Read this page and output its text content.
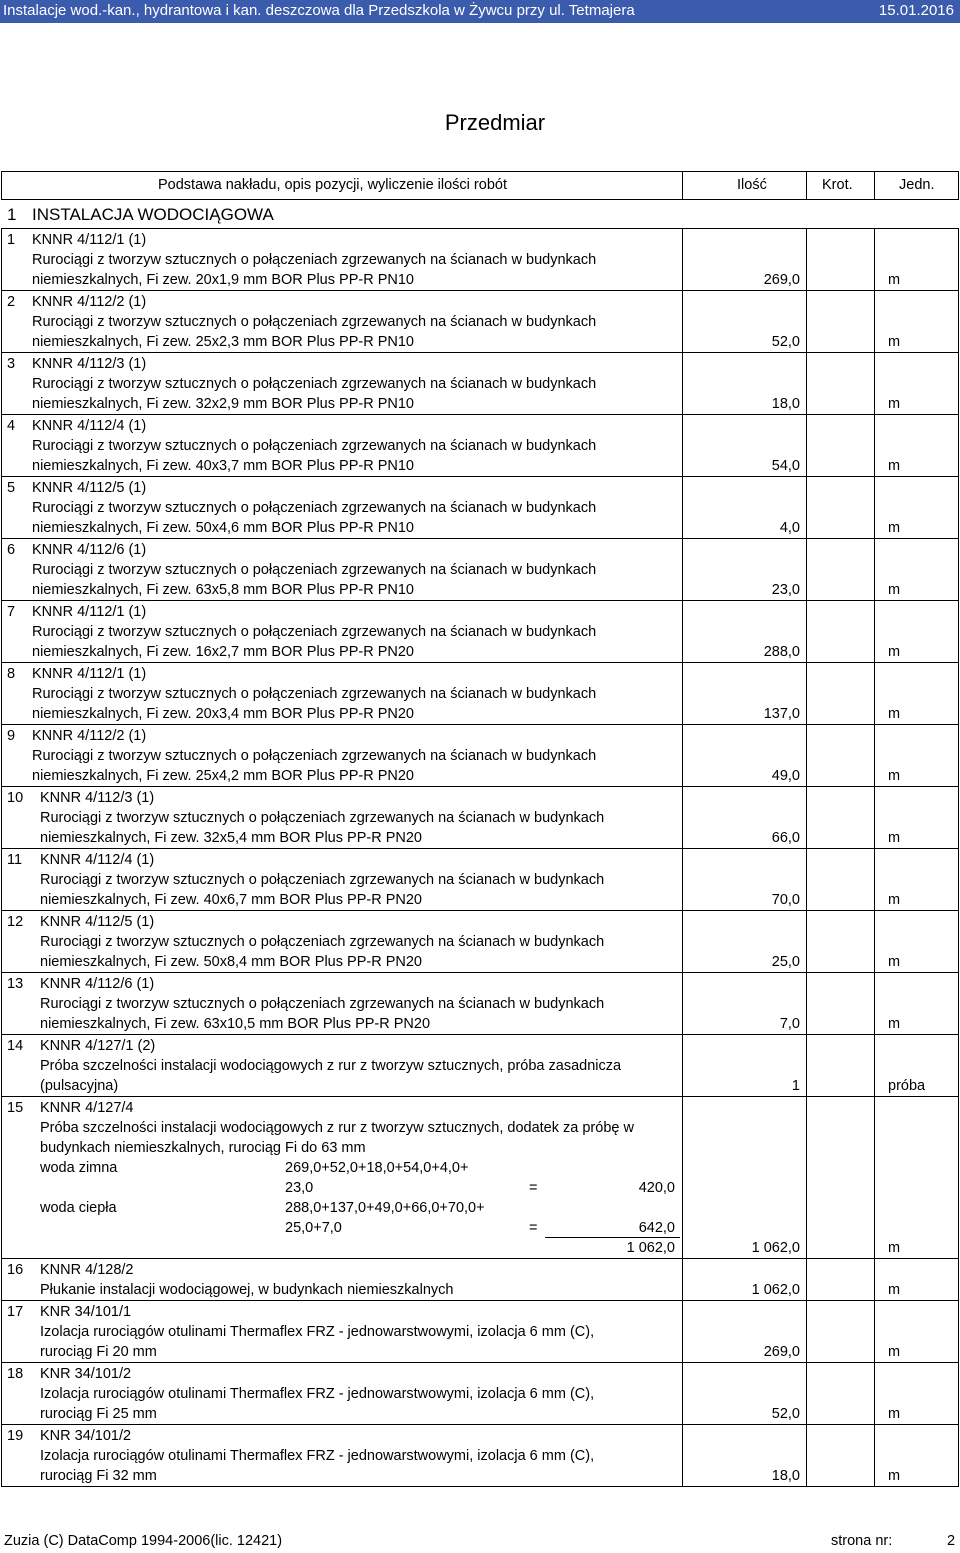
Instalacje wod.-kan., hydrantowa i kan. deszczowa dla Przedszkola w Żywcu przy ul. Tetmajera	15.01.2016
Przedmiar
Podstawa nakładu, opis pozycji, wyliczenie ilości robót	Ilość	Krot.	Jedn.
1 INSTALACJA WODOCIĄGOWA
1 KNNR 4/112/1 (1)
Rurociągi z tworzyw sztucznych o połączeniach zgrzewanych na ścianach w budynkach
niemieszkalnych, Fi zew. 20x1,9 mm BOR Plus PP-R PN10	269,0	m
2 KNNR 4/112/2 (1)
Rurociągi z tworzyw sztucznych o połączeniach zgrzewanych na ścianach w budynkach
niemieszkalnych, Fi zew. 25x2,3 mm BOR Plus PP-R PN10	52,0	m
3 KNNR 4/112/3 (1)
Rurociągi z tworzyw sztucznych o połączeniach zgrzewanych na ścianach w budynkach
niemieszkalnych, Fi zew. 32x2,9 mm BOR Plus PP-R PN10	18,0	m
4 KNNR 4/112/4 (1)
Rurociągi z tworzyw sztucznych o połączeniach zgrzewanych na ścianach w budynkach
niemieszkalnych, Fi zew. 40x3,7 mm BOR Plus PP-R PN10	54,0	m
5 KNNR 4/112/5 (1)
Rurociągi z tworzyw sztucznych o połączeniach zgrzewanych na ścianach w budynkach
niemieszkalnych, Fi zew. 50x4,6 mm BOR Plus PP-R PN10	4,0	m
6 KNNR 4/112/6 (1)
Rurociągi z tworzyw sztucznych o połączeniach zgrzewanych na ścianach w budynkach
niemieszkalnych, Fi zew. 63x5,8 mm BOR Plus PP-R PN10	23,0	m
7 KNNR 4/112/1 (1)
Rurociągi z tworzyw sztucznych o połączeniach zgrzewanych na ścianach w budynkach
niemieszkalnych, Fi zew. 16x2,7 mm BOR Plus PP-R PN20	288,0	m
8 KNNR 4/112/1 (1)
Rurociągi z tworzyw sztucznych o połączeniach zgrzewanych na ścianach w budynkach
niemieszkalnych, Fi zew. 20x3,4 mm BOR Plus PP-R PN20	137,0	m
9 KNNR 4/112/2 (1)
Rurociągi z tworzyw sztucznych o połączeniach zgrzewanych na ścianach w budynkach
niemieszkalnych, Fi zew. 25x4,2 mm BOR Plus PP-R PN20	49,0	m
10 KNNR 4/112/3 (1)
Rurociągi z tworzyw sztucznych o połączeniach zgrzewanych na ścianach w budynkach
niemieszkalnych, Fi zew. 32x5,4 mm BOR Plus PP-R PN20	66,0	m
11 KNNR 4/112/4 (1)
Rurociągi z tworzyw sztucznych o połączeniach zgrzewanych na ścianach w budynkach
niemieszkalnych, Fi zew. 40x6,7 mm BOR Plus PP-R PN20	70,0	m
12 KNNR 4/112/5 (1)
Rurociągi z tworzyw sztucznych o połączeniach zgrzewanych na ścianach w budynkach
niemieszkalnych, Fi zew. 50x8,4 mm BOR Plus PP-R PN20	25,0	m
13 KNNR 4/112/6 (1)
Rurociągi z tworzyw sztucznych o połączeniach zgrzewanych na ścianach w budynkach
niemieszkalnych, Fi zew. 63x10,5 mm BOR Plus PP-R PN20	7,0	m
14 KNNR 4/127/1 (2)
Próba szczelności instalacji wodociągowych z rur z tworzyw sztucznych, próba zasadnicza
(pulsacyjna)	1	próba
15 KNNR 4/127/4
Próba szczelności instalacji wodociągowych z rur z tworzyw sztucznych, dodatek za próbę w
budynkach niemieszkalnych, rurociąg Fi do 63 mm
woda zimna	269,0+52,0+18,0+54,0+4,0+
23,0	=	420,0
woda ciepła	288,0+137,0+49,0+66,0+70,0+
25,0+7,0	=	642,0
1 062,0	1 062,0	m
16 KNNR 4/128/2
Płukanie instalacji wodociągowej, w budynkach niemieszkalnych	1 062,0	m
17 KNR 34/101/1
Izolacja rurociągów otulinami Thermaflex FRZ - jednowarstwowymi, izolacja 6 mm (C),
rurociąg Fi 20 mm	269,0	m
18 KNR 34/101/2
Izolacja rurociągów otulinami Thermaflex FRZ - jednowarstwowymi, izolacja 6 mm (C),
rurociąg Fi 25 mm	52,0	m
19 KNR 34/101/2
Izolacja rurociągów otulinami Thermaflex FRZ - jednowarstwowymi, izolacja 6 mm (C),
rurociąg Fi 32 mm	18,0	m
Zuzia (C) DataComp 1994-2006(lic. 12421)	strona nr:	2
